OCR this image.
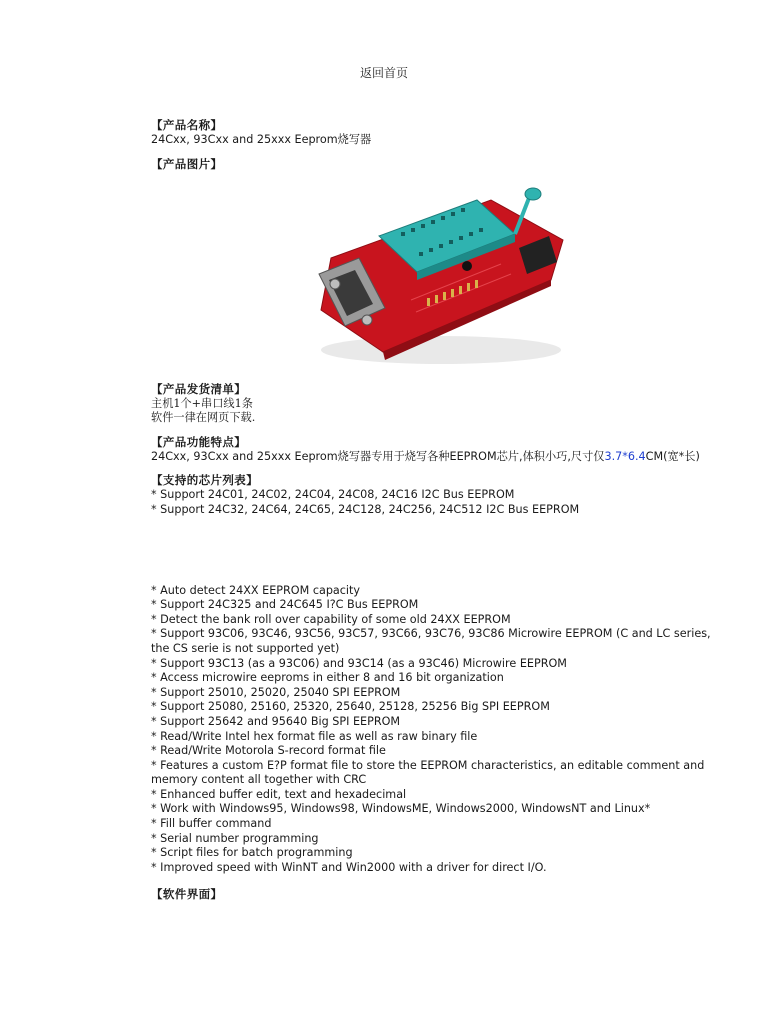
返回首页
【产品名称】
24Cxx, 93Cxx and 25xxx Eeprom烧写器
【产品图片】
【产品发货清单】
主机1个+串口线1条
软件一律在网页下载.
【产品功能特点】
24Cxx, 93Cxx and 25xxx Eeprom烧写器专用于烧写各种EEPROM芯片,体积小巧,尺寸仅3.7*6.4CM(宽*长)
【支持的芯片列表】
* Support 24C01, 24C02, 24C04, 24C08, 24C16 I2C Bus EEPROM
* Support 24C32, 24C64, 24C65, 24C128, 24C256, 24C512 I2C Bus EEPROM
* Auto detect 24XX EEPROM capacity
* Support 24C325 and 24C645 I?C Bus EEPROM
* Detect the bank roll over capability of some old 24XX EEPROM
* Support 93C06, 93C46, 93C56, 93C57, 93C66, 93C76, 93C86 Microwire EEPROM (C and LC series, the CS serie is not supported yet)
* Support 93C13 (as a 93C06) and 93C14 (as a 93C46) Microwire EEPROM
* Access microwire eeproms in either 8 and 16 bit organization
* Support 25010, 25020, 25040 SPI EEPROM
* Support 25080, 25160, 25320, 25640, 25128, 25256 Big SPI EEPROM
* Support 25642 and 95640 Big SPI EEPROM
* Read/Write Intel hex format file as well as raw binary file
* Read/Write Motorola S-record format file
* Features a custom E?P format file to store the EEPROM characteristics, an editable comment and memory content all together with CRC
* Enhanced buffer edit, text and hexadecimal
* Work with Windows95, Windows98, WindowsME, Windows2000, WindowsNT and Linux*
* Fill buffer command
* Serial number programming
* Script files for batch programming
* Improved speed with WinNT and Win2000 with a driver for direct I/O.
【软件界面】
